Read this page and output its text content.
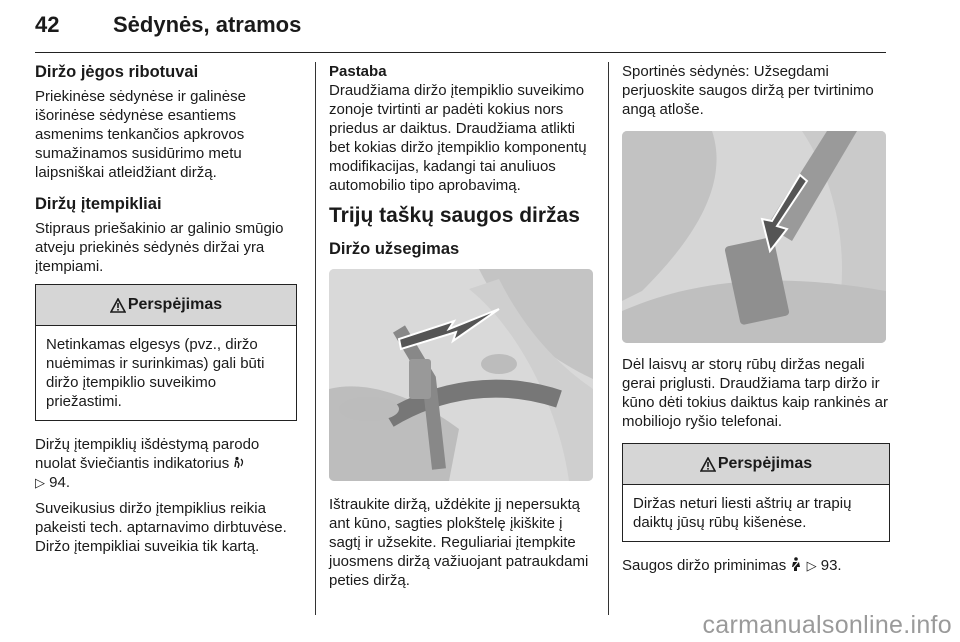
42 Sėdynės, atramos
Diržo jėgos ribotuvai

Priekinėse sėdynėse ir galinėse išorinėse sėdynėse esantiems asmenims tenkančios apkrovos sumažinamos susidūrimo metu laipsniškai atleidžiant diržą.

Diržų įtempikliai

Stipraus priešakinio ar galinio smūgio atveju priekinės sėdynės diržai yra įtempiami.

Perspėjimas
Netinkamas elgesys (pvz., diržo nuėmimas ir surinkimas) gali būti diržo įtempiklio suveikimo priežastimi.

Diržų įtempiklių išdėstymą parodo nuolat šviečiantis indikatorius
▷ 94.

Suveikusius diržo įtempiklius reikia pakeisti tech. aptarnavimo dirbtuvėse. Diržo įtempikliai suveikia tik kartą.

Pastaba
Draudžiama diržo įtempiklio suveikimo zonoje tvirtinti ar padėti kokius nors priedus ar daiktus. Draudžiama atlikti bet kokias diržo įtempiklio komponentų modifikacijas, kadangi tai anuliuos automobilio tipo aprobavimą.

Trijų taškų saugos diržas
Diržo užsegimas

Ištraukite diržą, uždėkite jį nepersuktą ant kūno, sagties plokštelę įkiškite į sagtį ir užsekite. Reguliariai įtempkite juosmens diržą važiuojant patraukdami peties diržą.

Sportinės sėdynės: Užsegdami perjuoskite saugos diržą per tvirtinimo angą atloše.

Dėl laisvų ar storų rūbų diržas negali gerai priglusti. Draudžiama tarp diržo ir kūno dėti tokius daiktus kaip rankinės ar mobiliojo ryšio telefonai.

Perspėjimas
Diržas neturi liesti aštrių ar trapių daiktų jūsų rūbų kišenėse.

Saugos diržo priminimas ▷ 93.

carmanualsonline.info
